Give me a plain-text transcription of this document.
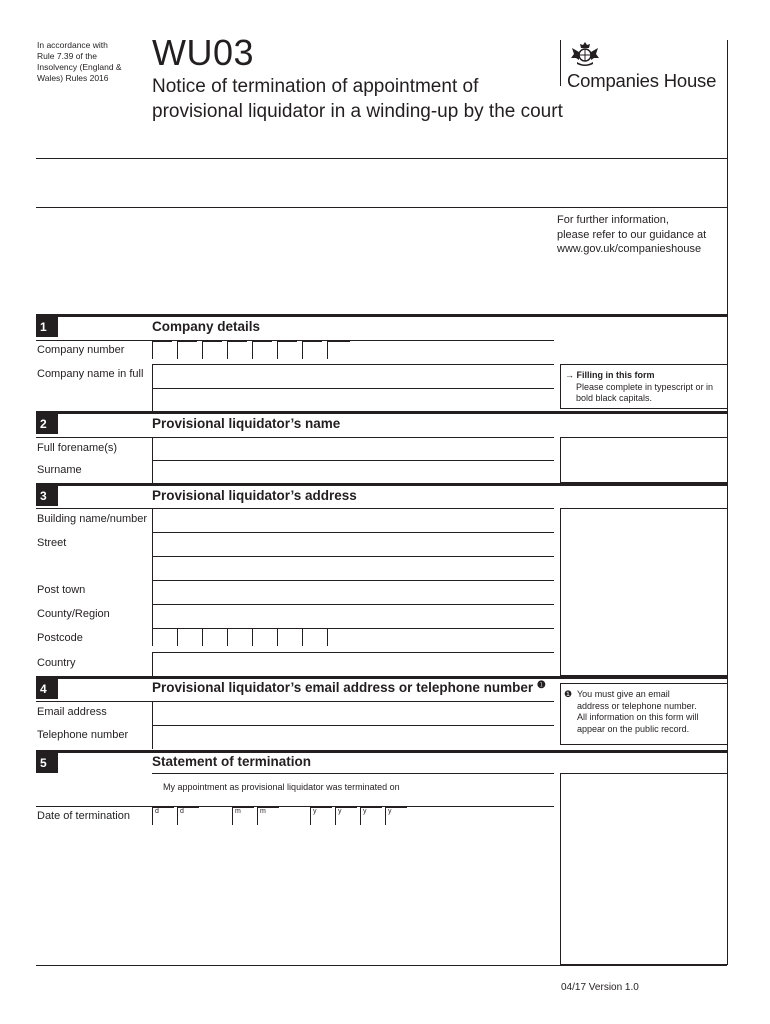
In accordance with
Rule 7.39 of the
Insolvency (England &
Wales) Rules 2016
WU03
Notice of termination of appointment of
provisional liquidator in a winding-up by the court
Companies House
For further information,
please refer to our guidance at
www.gov.uk/companieshouse
1	Company details
Company number
Company name in full	→ Filling in this form
Please complete in typescript or in
bold black capitals.
2	Provisional liquidator’s name
Full forename(s)
Surname
3	Provisional liquidator’s address
Building name/number
Street
Post town
County/Region
Postcode
Country
4	Provisional liquidator’s email address or telephone number $^❶$
Email address
Telephone number
❶ You must give an email
address or telephone number.
All information on this form will
appear on the public record.
5	Statement of termination
My appointment as provisional liquidator was terminated on
Date of termination	d	d	m	m	y	y	y	y
04/17 Version 1.0
